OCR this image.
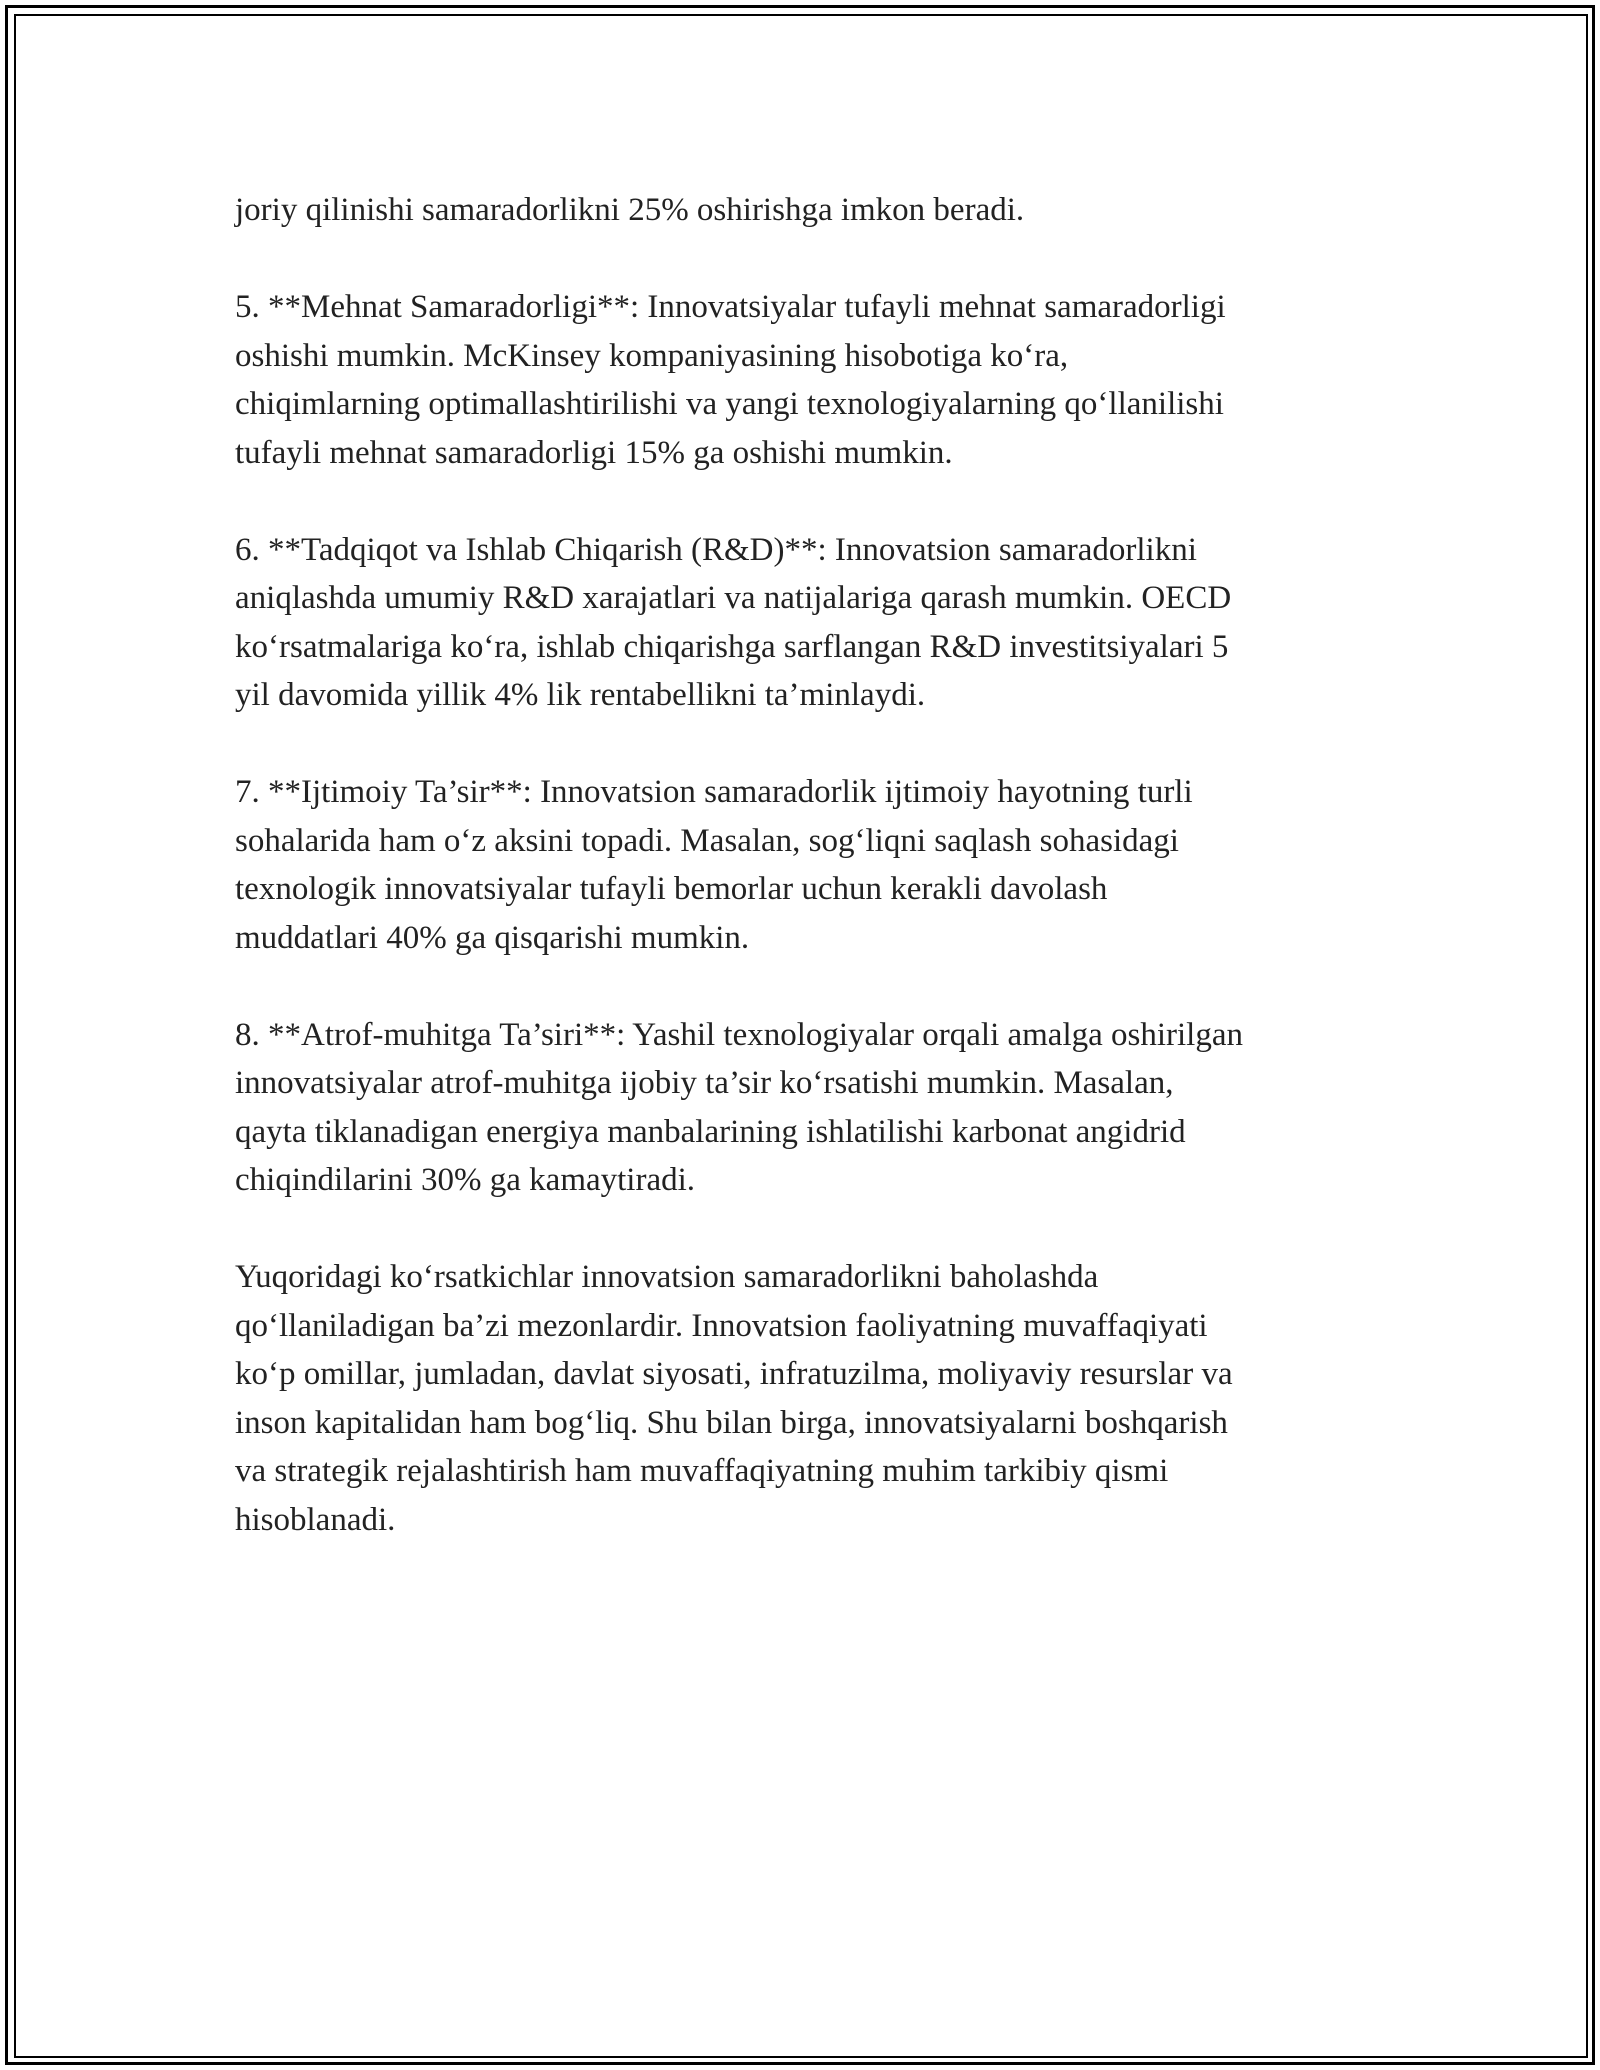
joriy qilinishi samaradorlikni 25% oshirishga imkon beradi.

5. **Mehnat Samaradorligi**: Innovatsiyalar tufayli mehnat samaradorligi
oshishi mumkin. McKinsey kompaniyasining hisobotiga ko‘ra,
chiqimlarning optimallashtirilishi va yangi texnologiyalarning qo‘llanilishi
tufayli mehnat samaradorligi 15% ga oshishi mumkin.

6. **Tadqiqot va Ishlab Chiqarish (R&D)**: Innovatsion samaradorlikni
aniqlashda umumiy R&D xarajatlari va natijalariga qarash mumkin. OECD
ko‘rsatmalariga ko‘ra, ishlab chiqarishga sarflangan R&D investitsiyalari 5
yil davomida yillik 4% lik rentabellikni ta’minlaydi.

7. **Ijtimoiy Ta’sir**: Innovatsion samaradorlik ijtimoiy hayotning turli
sohalarida ham o‘z aksini topadi. Masalan, sog‘liqni saqlash sohasidagi
texnologik innovatsiyalar tufayli bemorlar uchun kerakli davolash
muddatlari 40% ga qisqarishi mumkin.

8. **Atrof-muhitga Ta’siri**: Yashil texnologiyalar orqali amalga oshirilgan
innovatsiyalar atrof-muhitga ijobiy ta’sir ko‘rsatishi mumkin. Masalan,
qayta tiklanadigan energiya manbalarining ishlatilishi karbonat angidrid
chiqindilarini 30% ga kamaytiradi.

Yuqoridagi ko‘rsatkichlar innovatsion samaradorlikni baholashda
qo‘llaniladigan ba’zi mezonlardir. Innovatsion faoliyatning muvaffaqiyati
ko‘p omillar, jumladan, davlat siyosati, infratuzilma, moliyaviy resurslar va
inson kapitalidan ham bog‘liq. Shu bilan birga, innovatsiyalarni boshqarish
va strategik rejalashtirish ham muvaffaqiyatning muhim tarkibiy qismi
hisoblanadi.
